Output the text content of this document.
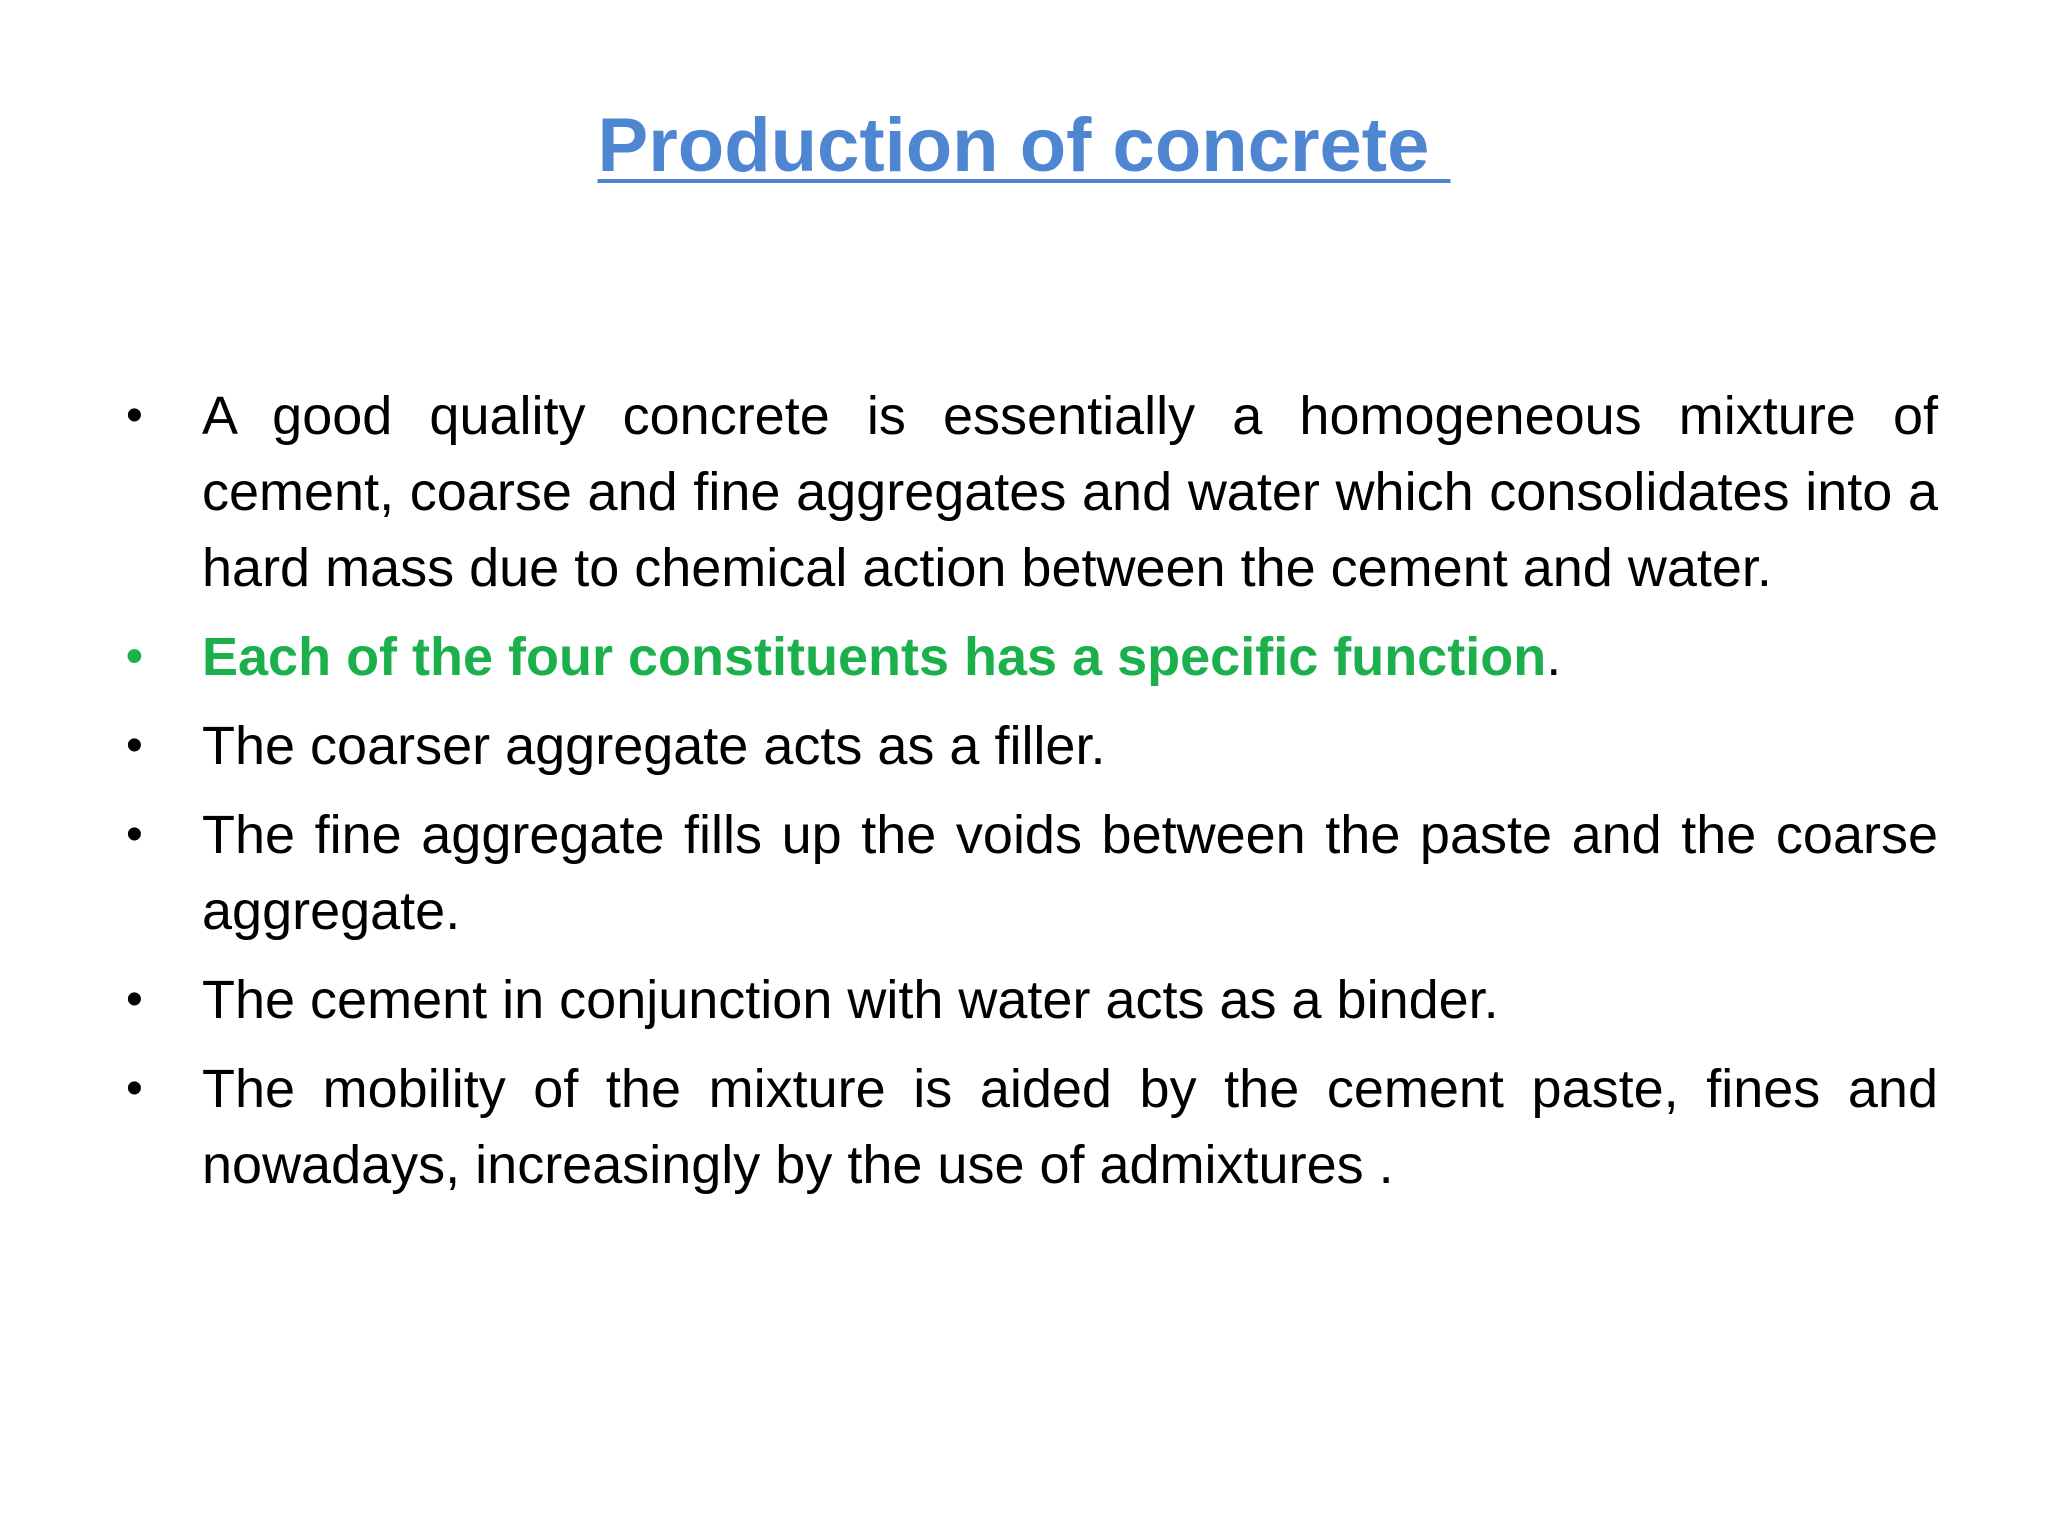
Production of concrete
• A good quality concrete is essentially a homogeneous mixture of cement, coarse and fine aggregates and water which consolidates into a hard mass due to chemical action between the cement and water.
• Each of the four constituents has a specific function.
• The coarser aggregate acts as a filler.
• The fine aggregate fills up the voids between the paste and the coarse aggregate.
• The cement in conjunction with water acts as a binder.
• The mobility of the mixture is aided by the cement paste, fines and nowadays, increasingly by the use of admixtures .
